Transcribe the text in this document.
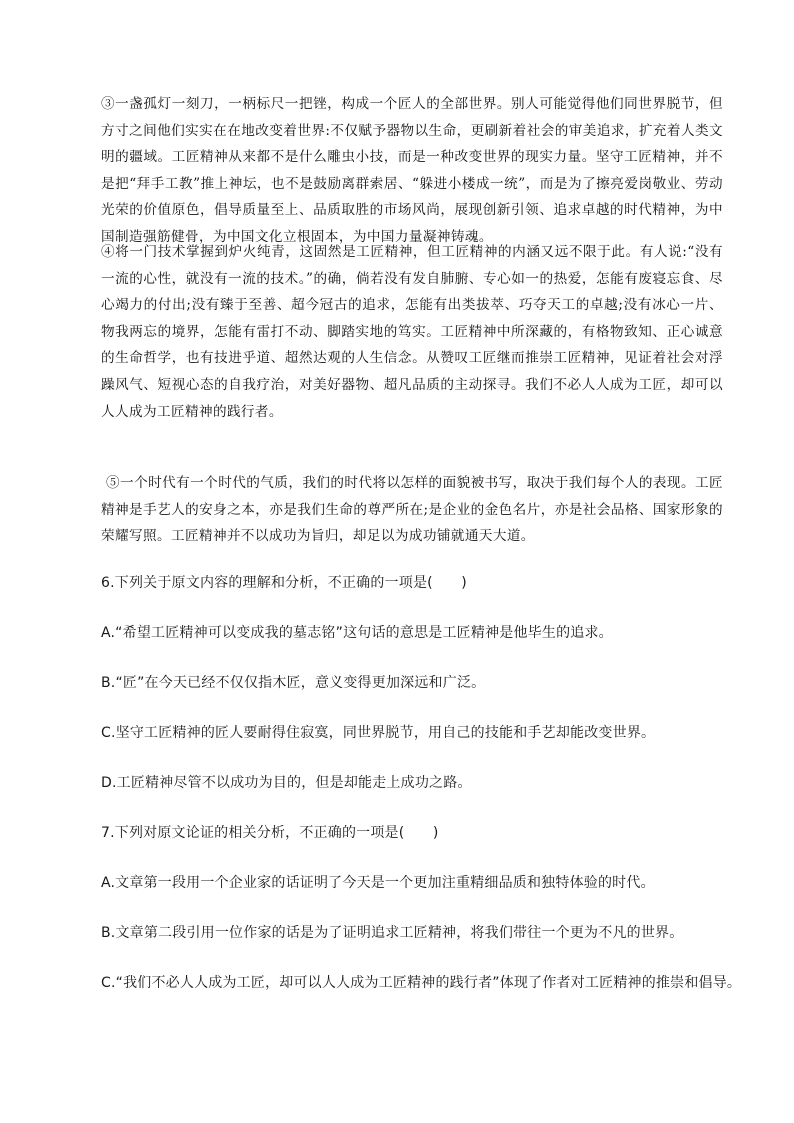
③一盏孤灯一刻刀，一柄标尺一把锉，构成一个匠人的全部世界。别人可能觉得他们同世界脱节，但方寸之间他们实实在在地改变着世界:不仅赋予器物以生命，更刷新着社会的审美追求，扩充着人类文明的疆域。工匠精神从来都不是什么雕虫小技，而是一种改变世界的现实力量。坚守工匠精神，并不是把“拜手工教”推上神坛，也不是鼓励离群索居、“躲进小楼成一统”，而是为了擦亮爱岗敬业、劳动光荣的价值原色，倡导质量至上、品质取胜的市场风尚，展现创新引领、追求卓越的时代精神，为中国制造强筋健骨，为中国文化立根固本，为中国力量凝神铸魂。

④将一门技术掌握到炉火纯青，这固然是工匠精神，但工匠精神的内涵又远不限于此。有人说:“没有一流的心性，就没有一流的技术。”的确，倘若没有发自肺腑、专心如一的热爱，怎能有废寝忘食、尽心竭力的付出;没有臻于至善、超今冠古的追求，怎能有出类拔萃、巧夺天工的卓越;没有冰心一片、物我两忘的境界，怎能有雷打不动、脚踏实地的笃实。工匠精神中所深藏的，有格物致知、正心诚意的生命哲学，也有技进乎道、超然达观的人生信念。从赞叹工匠继而推崇工匠精神，见证着社会对浮躁风气、短视心态的自我疗治，对美好器物、超凡品质的主动探寻。我们不必人人成为工匠，却可以人人成为工匠精神的践行者。

⑤一个时代有一个时代的气质，我们的时代将以怎样的面貌被书写，取决于我们每个人的表现。工匠精神是手艺人的安身之本，亦是我们生命的尊严所在;是企业的金色名片，亦是社会品格、国家形象的荣耀写照。工匠精神并不以成功为旨归，却足以为成功铺就通天大道。

6.下列关于原文内容的理解和分析，不正确的一项是(　　)
A.“希望工匠精神可以变成我的墓志铭”这句话的意思是工匠精神是他毕生的追求。
B.“匠”在今天已经不仅仅指木匠，意义变得更加深远和广泛。
C.坚守工匠精神的匠人要耐得住寂寞，同世界脱节，用自己的技能和手艺却能改变世界。
D.工匠精神尽管不以成功为目的，但是却能走上成功之路。
7.下列对原文论证的相关分析，不正确的一项是(　　)
A.文章第一段用一个企业家的话证明了今天是一个更加注重精细品质和独特体验的时代。
B.文章第二段引用一位作家的话是为了证明追求工匠精神，将我们带往一个更为不凡的世界。
C.“我们不必人人成为工匠，却可以人人成为工匠精神的践行者”体现了作者对工匠精神的推崇和倡导。
